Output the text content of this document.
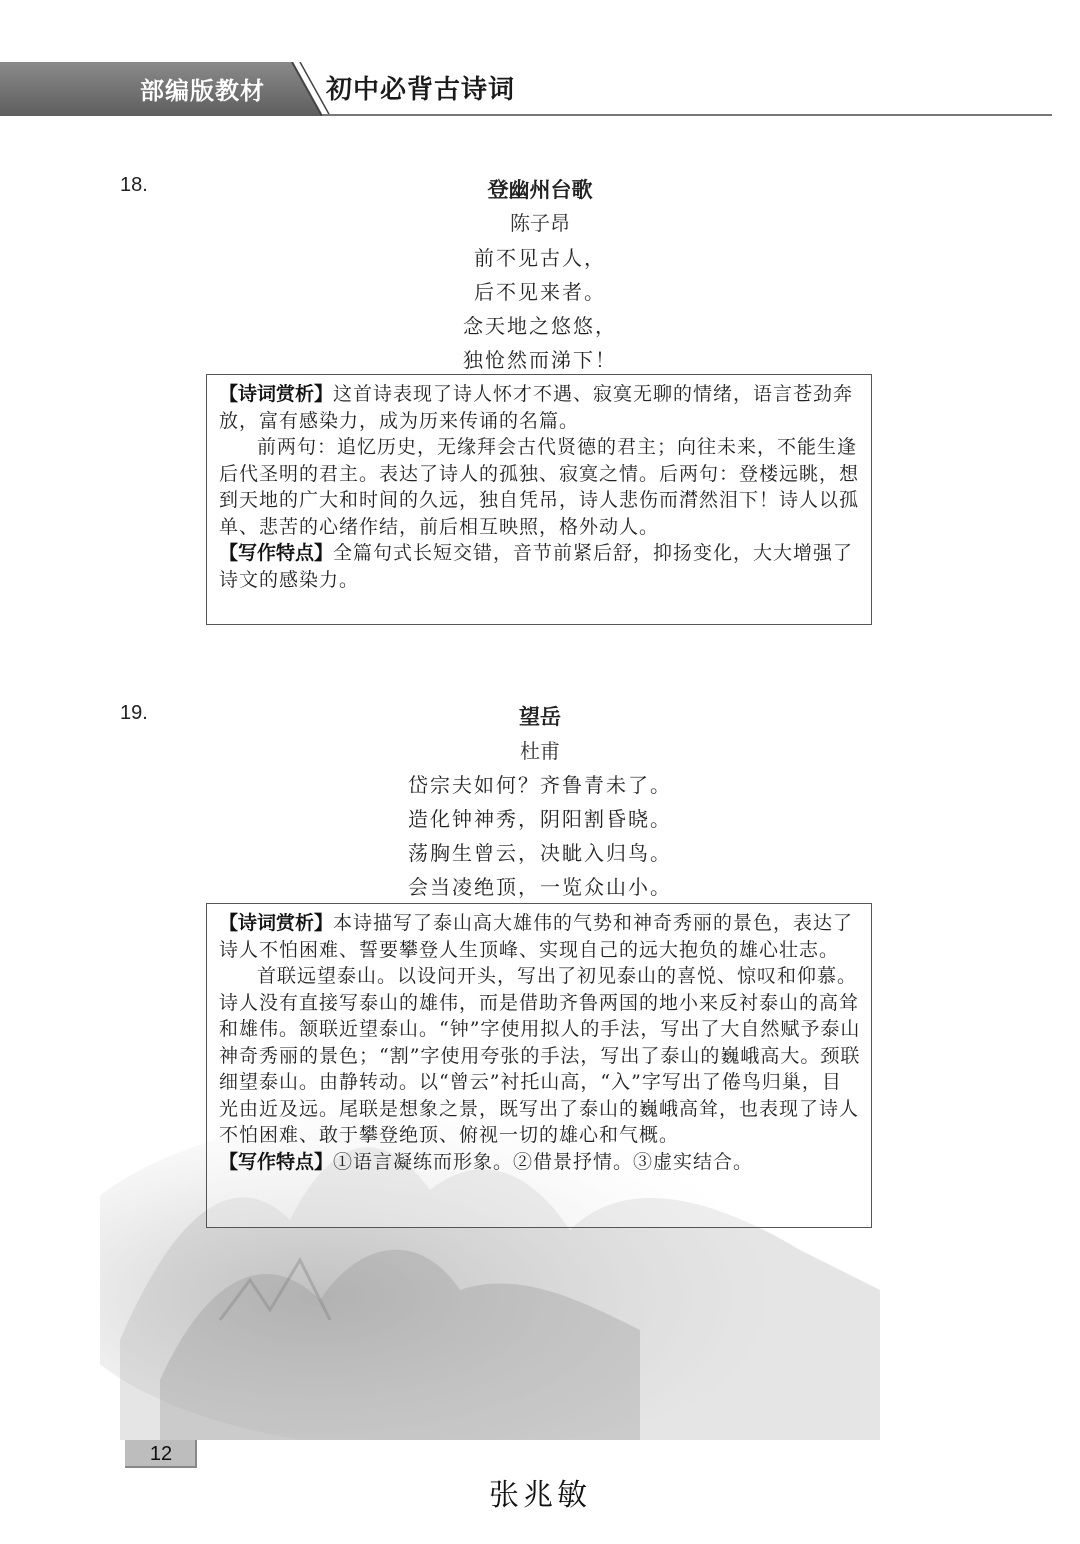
部编版教材	初中必背古诗词
18.	登幽州台歌
陈子昂
前不见古人，
后不见来者。
念天地之悠悠，
独怆然而涕下！

【诗词赏析】这首诗表现了诗人怀才不遇、寂寞无聊的情绪，语言苍劲奔放，富有感染力，成为历来传诵的名篇。

前两句：追忆历史，无缘拜会古代贤德的君主；向往未来，不能生逢后代圣明的君主。表达了诗人的孤独、寂寞之情。后两句：登楼远眺，想到天地的广大和时间的久远，独自凭吊，诗人悲伤而潸然泪下！诗人以孤单、悲苦的心绪作结，前后相互映照，格外动人。

【写作特点】全篇句式长短交错，音节前紧后舒，抑扬变化，大大增强了诗文的感染力。

19.	望岳
杜甫
岱宗夫如何？齐鲁青未了。
造化钟神秀，阴阳割昏晓。
荡胸生曾云，决眦入归鸟。
会当凌绝顶，一览众山小。

【诗词赏析】本诗描写了泰山高大雄伟的气势和神奇秀丽的景色，表达了诗人不怕困难、誓要攀登人生顶峰、实现自己的远大抱负的雄心壮志。

首联远望泰山。以设问开头，写出了初见泰山的喜悦、惊叹和仰慕。诗人没有直接写泰山的雄伟，而是借助齐鲁两国的地小来反衬泰山的高耸和雄伟。颔联近望泰山。“钟”字使用拟人的手法，写出了大自然赋予泰山神奇秀丽的景色；“割”字使用夸张的手法，写出了泰山的巍峨高大。颈联细望泰山。由静转动。以“曾云”衬托山高，“入”字写出了倦鸟归巢，目光由近及远。尾联是想象之景，既写出了泰山的巍峨高耸，也表现了诗人不怕困难、敢于攀登绝顶、俯视一切的雄心和气概。

【写作特点】①语言凝练而形象。②借景抒情。③虚实结合。

12
张兆敏
